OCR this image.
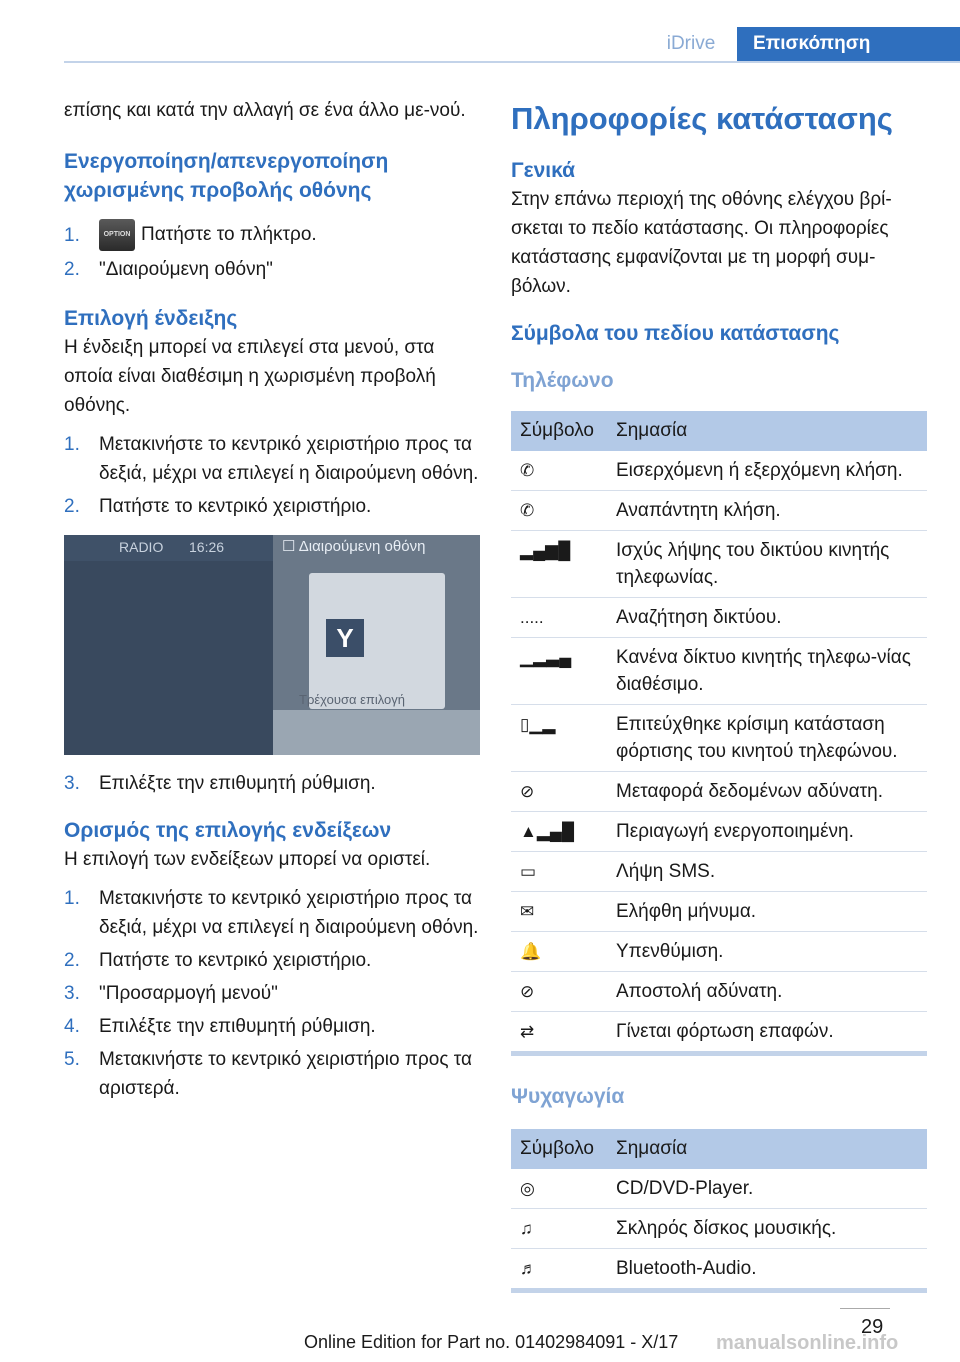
iDrive	Επισκόπηση

επίσης και κατά την αλλαγή σε ένα άλλο με-νού.

Ενεργοποίηση/απενεργοποίηση χωρισμένης προβολής οθόνης

1.	OPTION Πατήστε το πλήκτρο.
2.	"Διαιρούμενη οθόνη"

Επιλογή ένδειξης

Η ένδειξη μπορεί να επιλεγεί στα μενού, στα οποία είναι διαθέσιμη η χωρισμένη προβολή οθόνης.

1.	Μετακινήστε το κεντρικό χειριστήριο προς τα δεξιά, μέχρι να επιλεγεί η διαιρούμενη οθόνη.
2.	Πατήστε το κεντρικό χειριστήριο.
RADIO 16:26	☐ Διαιρούμενη οθόνη
Y
Τρέχουσα επιλογή
3.	Επιλέξτε την επιθυμητή ρύθμιση.

Ορισμός της επιλογής ενδείξεων

Η επιλογή των ενδείξεων μπορεί να οριστεί.

1.	Μετακινήστε το κεντρικό χειριστήριο προς τα δεξιά, μέχρι να επιλεγεί η διαιρούμενη οθόνη.
2.	Πατήστε το κεντρικό χειριστήριο.
3.	"Προσαρμογή μενού"
4.	Επιλέξτε την επιθυμητή ρύθμιση.
5.	Μετακινήστε το κεντρικό χειριστήριο προς τα αριστερά.

Πληροφορίες κατάστασης

Γενικά

Στην επάνω περιοχή της οθόνης ελέγχου βρί-σκεται το πεδίο κατάστασης. Οι πληροφορίες κατάστασης εμφανίζονται με τη μορφή συμ-βόλων.

Σύμβολα του πεδίου κατάστασης

Τηλέφωνο

Σύμβολο	Σημασία
✆	Εισερχόμενη ή εξερχόμενη κλήση.
✆	Αναπάντητη κλήση.
▂▄▆█	Ισχύς λήψης του δικτύου κινητής τηλεφωνίας.
.....	Αναζήτηση δικτύου.
▁▂▃▄	Κανένα δίκτυο κινητής τηλεφω-νίας διαθέσιμο.
▯▁▂	Επιτεύχθηκε κρίσιμη κατάσταση φόρτισης του κινητού τηλεφώνου.
⊘	Μεταφορά δεδομένων αδύνατη.
▲▂▄█	Περιαγωγή ενεργοποιημένη.
▭	Λήψη SMS.
✉	Ελήφθη μήνυμα.
🔔	Υπενθύμιση.
⊘	Αποστολή αδύνατη.
⇄	Γίνεται φόρτωση επαφών.

Ψυχαγωγία

Σύμβολο	Σημασία
◎	CD/DVD-Player.
♫	Σκληρός δίσκος μουσικής.
♬	Bluetooth-Audio.
29
manualsonline.info
Online Edition for Part no. 01402984091 - X/17
